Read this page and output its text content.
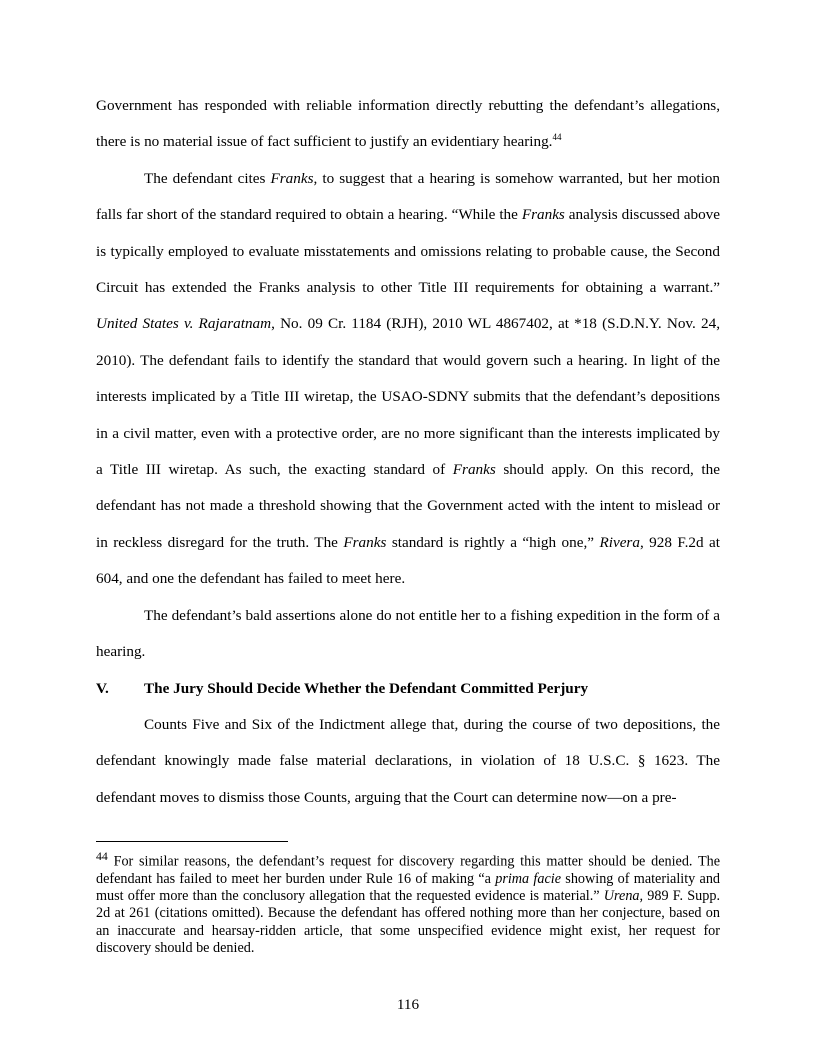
Government has responded with reliable information directly rebutting the defendant’s allegations, there is no material issue of fact sufficient to justify an evidentiary hearing.$^{44}$

The defendant cites Franks, to suggest that a hearing is somehow warranted, but her motion falls far short of the standard required to obtain a hearing. “While the Franks analysis discussed above is typically employed to evaluate misstatements and omissions relating to probable cause, the Second Circuit has extended the Franks analysis to other Title III requirements for obtaining a warrant.” United States v. Rajaratnam, No. 09 Cr. 1184 (RJH), 2010 WL 4867402, at *18 (S.D.N.Y. Nov. 24, 2010). The defendant fails to identify the standard that would govern such a hearing. In light of the interests implicated by a Title III wiretap, the USAO-SDNY submits that the defendant’s depositions in a civil matter, even with a protective order, are no more significant than the interests implicated by a Title III wiretap. As such, the exacting standard of Franks should apply. On this record, the defendant has not made a threshold showing that the Government acted with the intent to mislead or in reckless disregard for the truth. The Franks standard is rightly a “high one,” Rivera, 928 F.2d at 604, and one the defendant has failed to meet here.

The defendant’s bald assertions alone do not entitle her to a fishing expedition in the form of a hearing.

V. The Jury Should Decide Whether the Defendant Committed Perjury

Counts Five and Six of the Indictment allege that, during the course of two depositions, the defendant knowingly made false material declarations, in violation of 18 U.S.C. § 1623. The defendant moves to dismiss those Counts, arguing that the Court can determine now—on a pre-

$^{44}$ For similar reasons, the defendant’s request for discovery regarding this matter should be denied. The defendant has failed to meet her burden under Rule 16 of making “a prima facie showing of materiality and must offer more than the conclusory allegation that the requested evidence is material.” Urena, 989 F. Supp. 2d at 261 (citations omitted). Because the defendant has offered nothing more than her conjecture, based on an inaccurate and hearsay-ridden article, that some unspecified evidence might exist, her request for discovery should be denied.

116
